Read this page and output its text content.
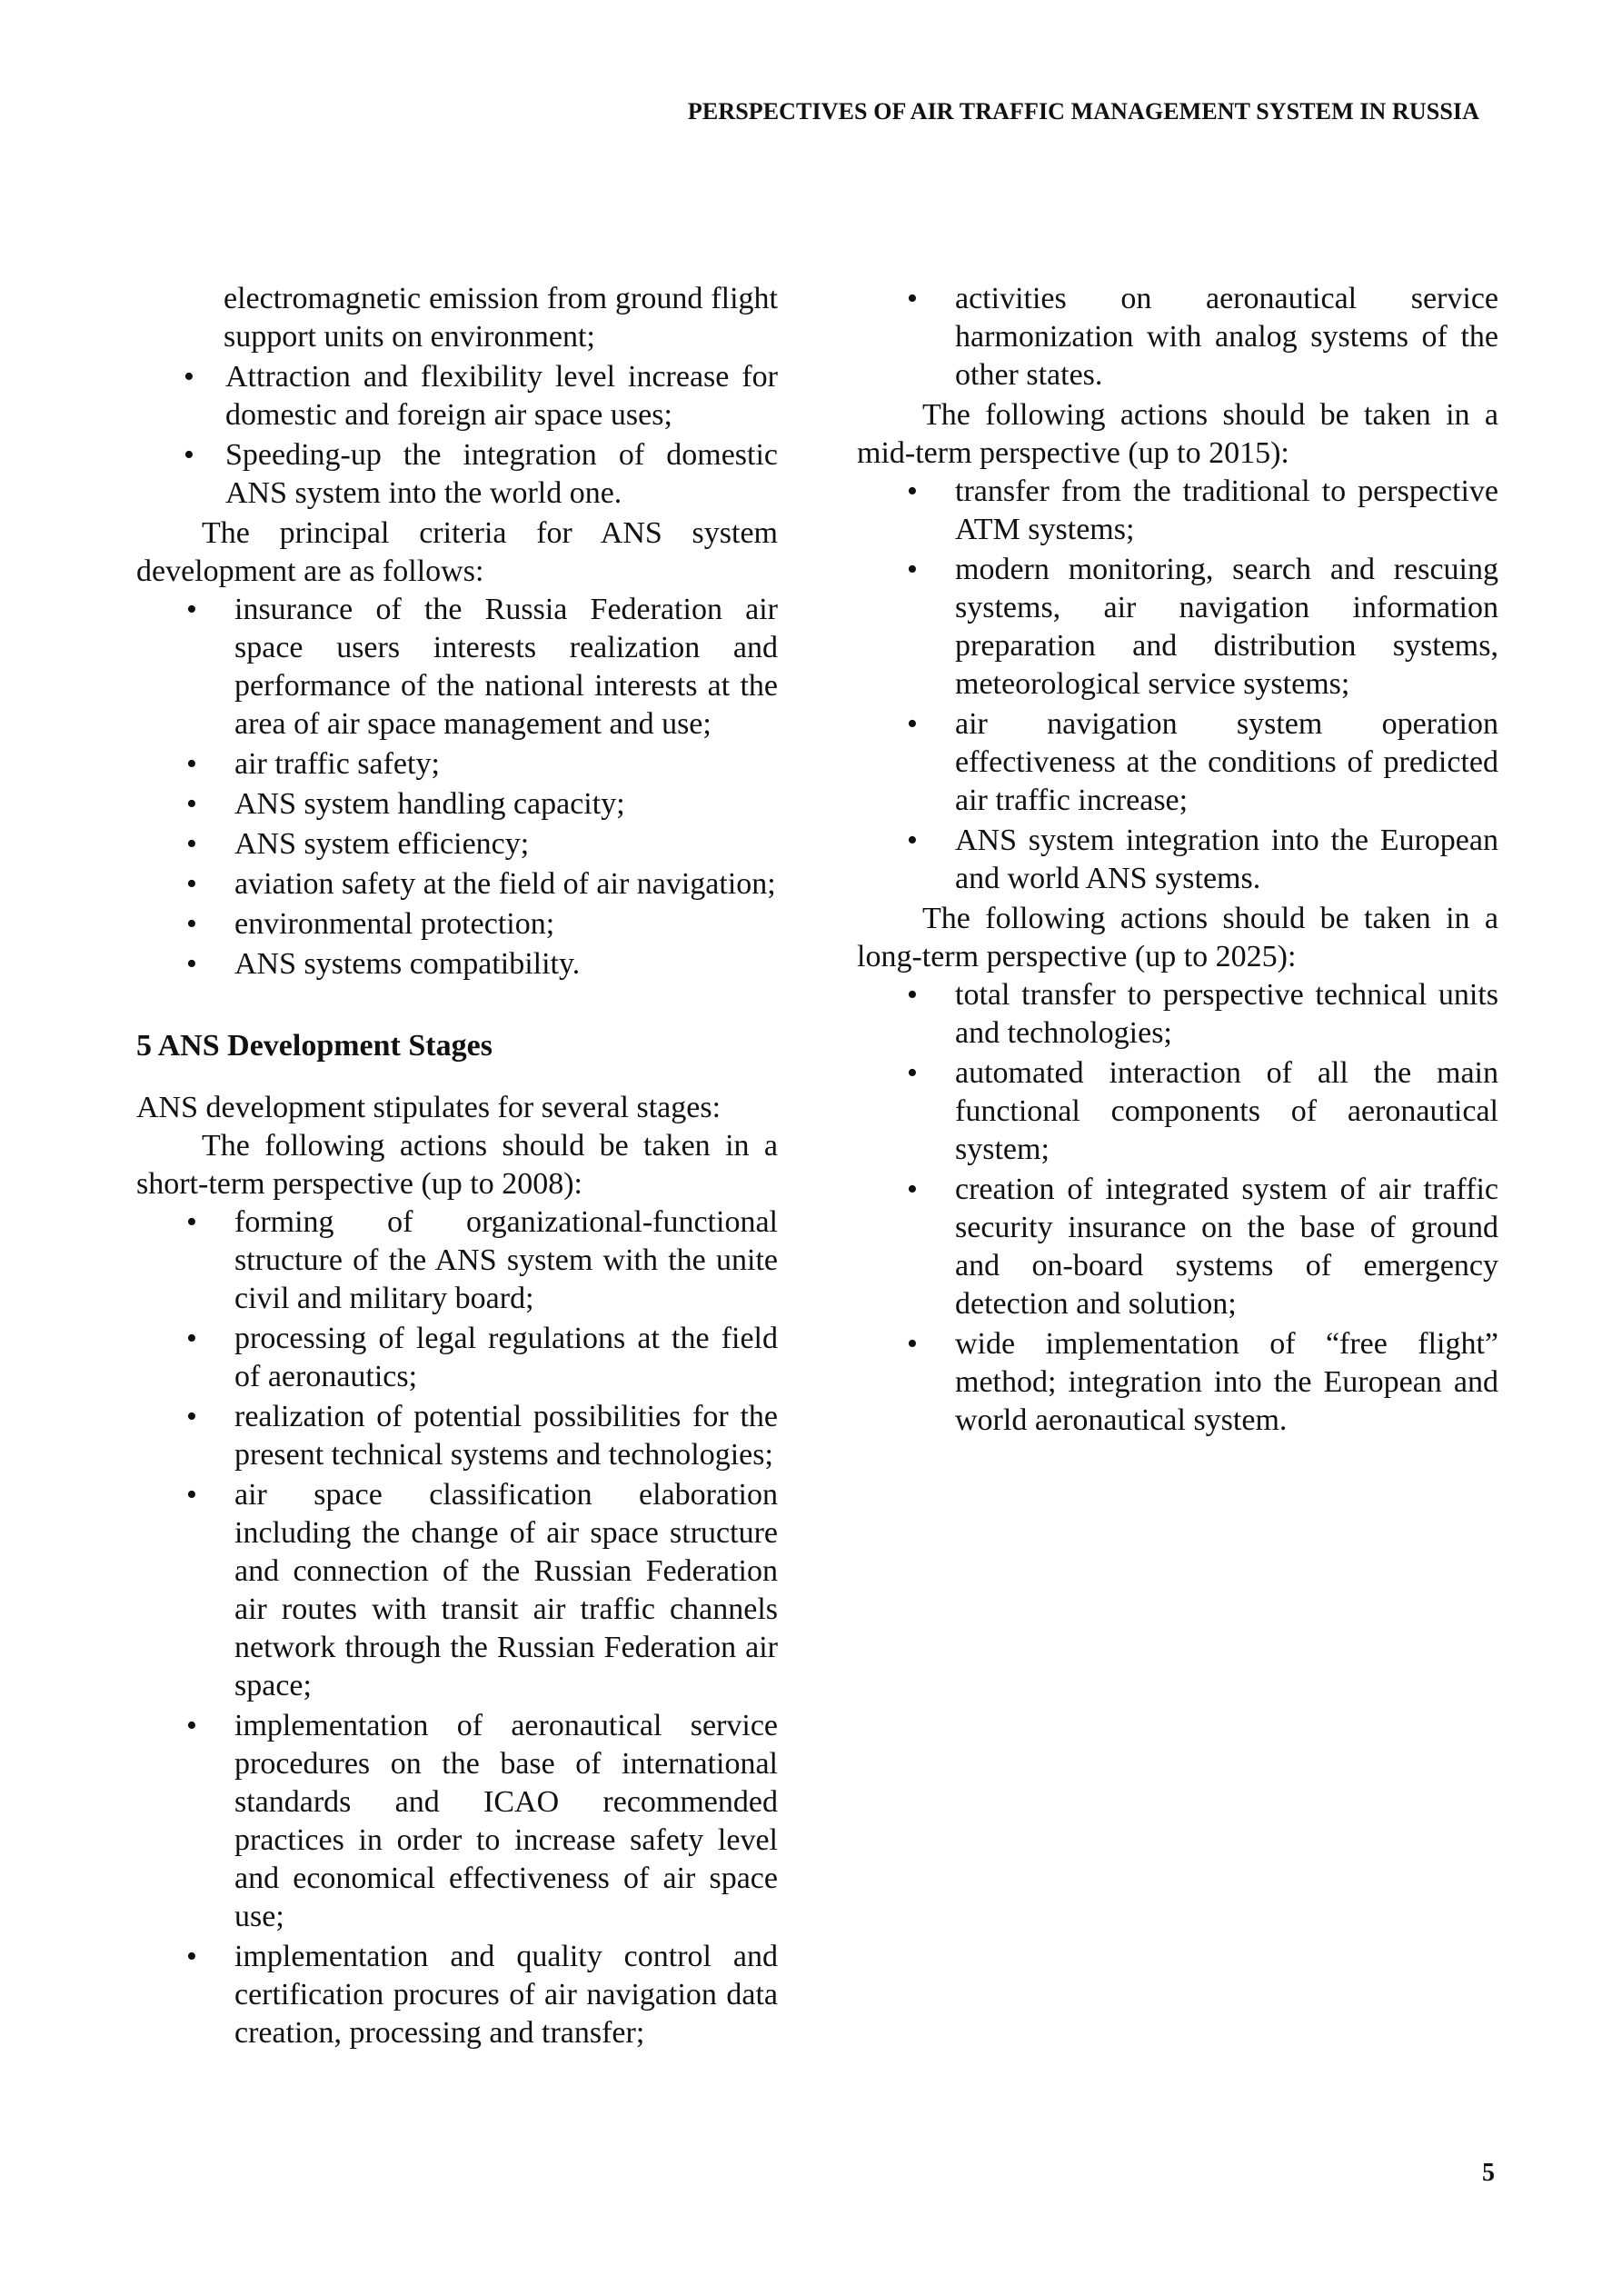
PERSPECTIVES OF AIR TRAFFIC MANAGEMENT SYSTEM IN RUSSIA
electromagnetic emission from ground flight support units on environment;
• Attraction and flexibility level increase for domestic and foreign air space uses;
• Speeding-up the integration of domestic ANS system into the world one.

The principal criteria for ANS system development are as follows:

• insurance of the Russia Federation air space users interests realization and performance of the national interests at the area of air space management and use;
• air traffic safety;
• ANS system handling capacity;
• ANS system efficiency;
• aviation safety at the field of air navigation;
• environmental protection;
• ANS systems compatibility.
5 ANS Development Stages

ANS development stipulates for several stages:

The following actions should be taken in a short-term perspective (up to 2008):

• forming of organizational-functional structure of the ANS system with the unite civil and military board;
• processing of legal regulations at the field of aeronautics;
• realization of potential possibilities for the present technical systems and technologies;
• air space classification elaboration including the change of air space structure and connection of the Russian Federation air routes with transit air traffic channels network through the Russian Federation air space;
• implementation of aeronautical service procedures on the base of international standards and ICAO recommended practices in order to increase safety level and economical effectiveness of air space use;
• implementation and quality control and certification procures of air navigation data creation, processing and transfer;
• activities on aeronautical service harmonization with analog systems of the other states.

The following actions should be taken in a mid-term perspective (up to 2015):

• transfer from the traditional to perspective ATM systems;
• modern monitoring, search and rescuing systems, air navigation information preparation and distribution systems, meteorological service systems;
• air navigation system operation effectiveness at the conditions of predicted air traffic increase;
• ANS system integration into the European and world ANS systems.

The following actions should be taken in a long-term perspective (up to 2025):

• total transfer to perspective technical units and technologies;
• automated interaction of all the main functional components of aeronautical system;
• creation of integrated system of air traffic security insurance on the base of ground and on-board systems of emergency detection and solution;
• wide implementation of “free flight” method; integration into the European and world aeronautical system.
5
